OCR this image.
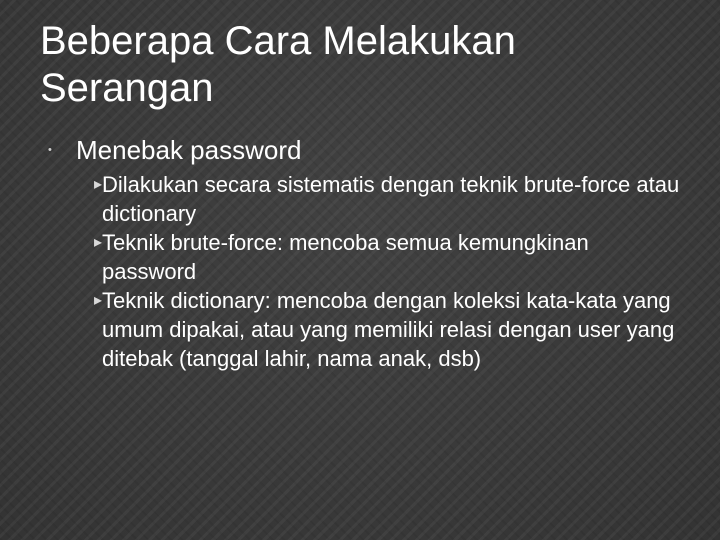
Beberapa Cara Melakukan Serangan
• Menebak password
▸ Dilakukan secara sistematis dengan teknik brute-force atau dictionary
▸ Teknik brute-force: mencoba semua kemungkinan password
▸ Teknik dictionary: mencoba dengan koleksi kata-kata yang umum dipakai, atau yang memiliki relasi dengan user yang ditebak (tanggal lahir, nama anak, dsb)
